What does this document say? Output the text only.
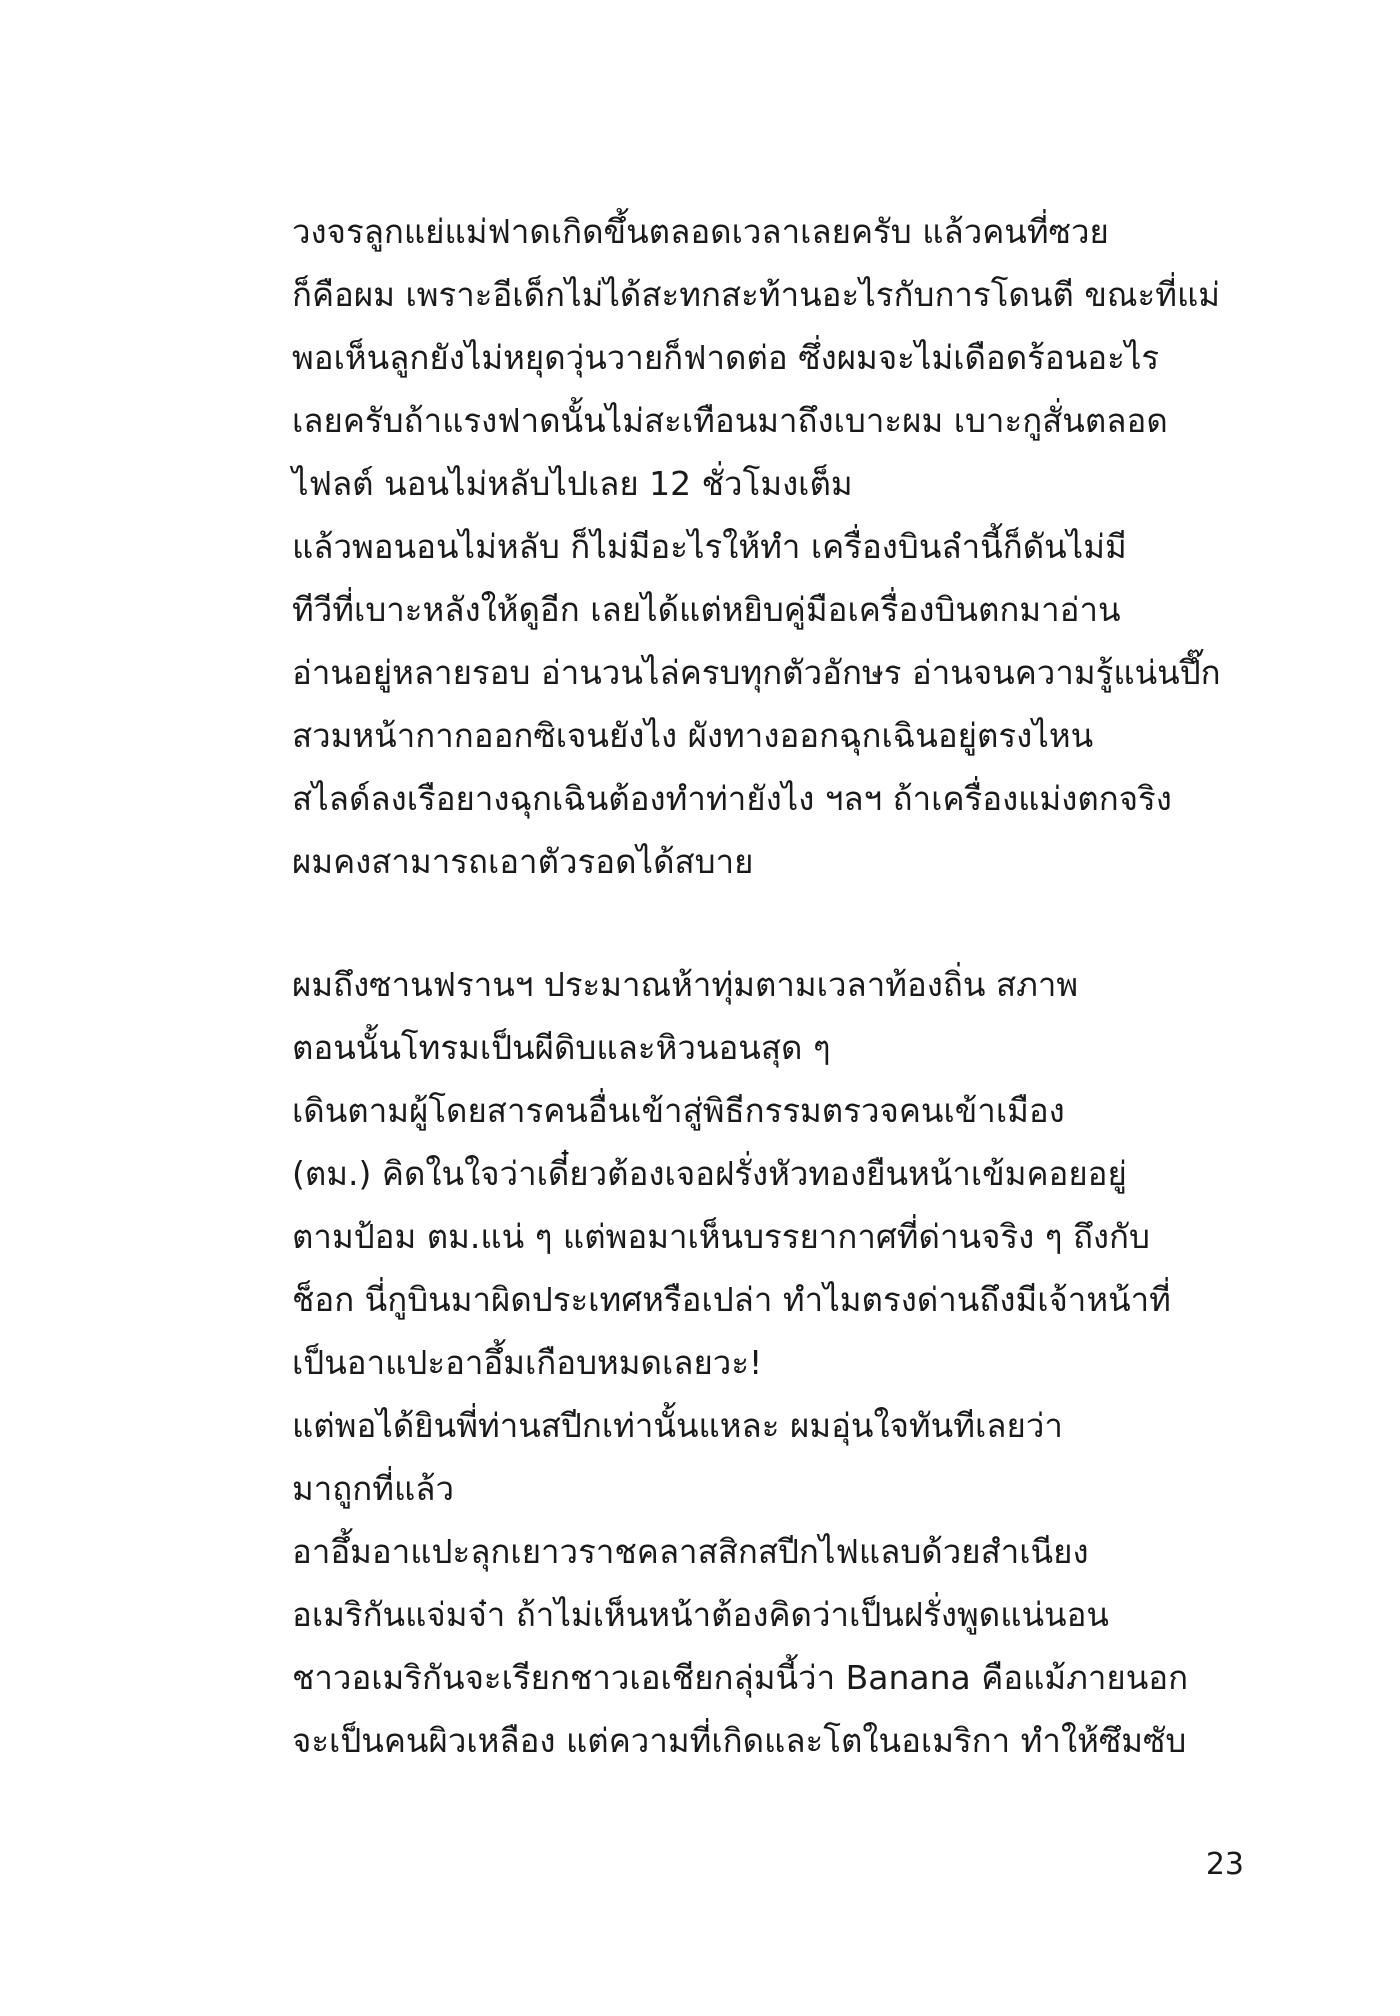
วงจรลูกแย่แม่ฟาดเกิดขึ้นตลอดเวลาเลยครับ แล้วคนที่ซวย
ก็คือผม เพราะอีเด็กไม่ได้สะทกสะท้านอะไรกับการโดนตี ขณะที่แม่
พอเห็นลูกยังไม่หยุดวุ่นวายก็ฟาดต่อ ซึ่งผมจะไม่เดือดร้อนอะไร
เลยครับถ้าแรงฟาดนั้นไม่สะเทือนมาถึงเบาะผม เบาะกูสั่นตลอด
ไฟลต์ นอนไม่หลับไปเลย 12 ชั่วโมงเต็ม

แล้วพอนอนไม่หลับ ก็ไม่มีอะไรให้ทำ เครื่องบินลำนี้ก็ดันไม่มี
ทีวีที่เบาะหลังให้ดูอีก เลยได้แต่หยิบคู่มือเครื่องบินตกมาอ่าน
อ่านอยู่หลายรอบ อ่านวนไล่ครบทุกตัวอักษร อ่านจนความรู้แน่นปึ๊ก
สวมหน้ากากออกซิเจนยังไง ผังทางออกฉุกเฉินอยู่ตรงไหน
สไลด์ลงเรือยางฉุกเฉินต้องทำท่ายังไง ฯลฯ ถ้าเครื่องแม่งตกจริง
ผมคงสามารถเอาตัวรอดได้สบาย

ผมถึงซานฟรานฯ ประมาณห้าทุ่มตามเวลาท้องถิ่น สภาพ
ตอนนั้นโทรมเป็นผีดิบและหิวนอนสุด ๆ

เดินตามผู้โดยสารคนอื่นเข้าสู่พิธีกรรมตรวจคนเข้าเมือง
(ตม.) คิดในใจว่าเดี๋ยวต้องเจอฝรั่งหัวทองยืนหน้าเข้มคอยอยู่
ตามป้อม ตม.แน่ ๆ แต่พอมาเห็นบรรยากาศที่ด่านจริง ๆ ถึงกับ
ช็อก นี่กูบินมาผิดประเทศหรือเปล่า ทำไมตรงด่านถึงมีเจ้าหน้าที่
เป็นอาแปะอาอึ้มเกือบหมดเลยวะ!

แต่พอได้ยินพี่ท่านสปีกเท่านั้นแหละ ผมอุ่นใจทันทีเลยว่า
มาถูกที่แล้ว

อาอึ้มอาแปะลุกเยาวราชคลาสสิกสปีกไฟแลบด้วยสำเนียง
อเมริกันแจ่มจ๋า ถ้าไม่เห็นหน้าต้องคิดว่าเป็นฝรั่งพูดแน่นอน
ชาวอเมริกันจะเรียกชาวเอเชียกลุ่มนี้ว่า Banana คือแม้ภายนอก
จะเป็นคนผิวเหลือง แต่ความที่เกิดและโตในอเมริกา ทำให้ซึมซับ

23
